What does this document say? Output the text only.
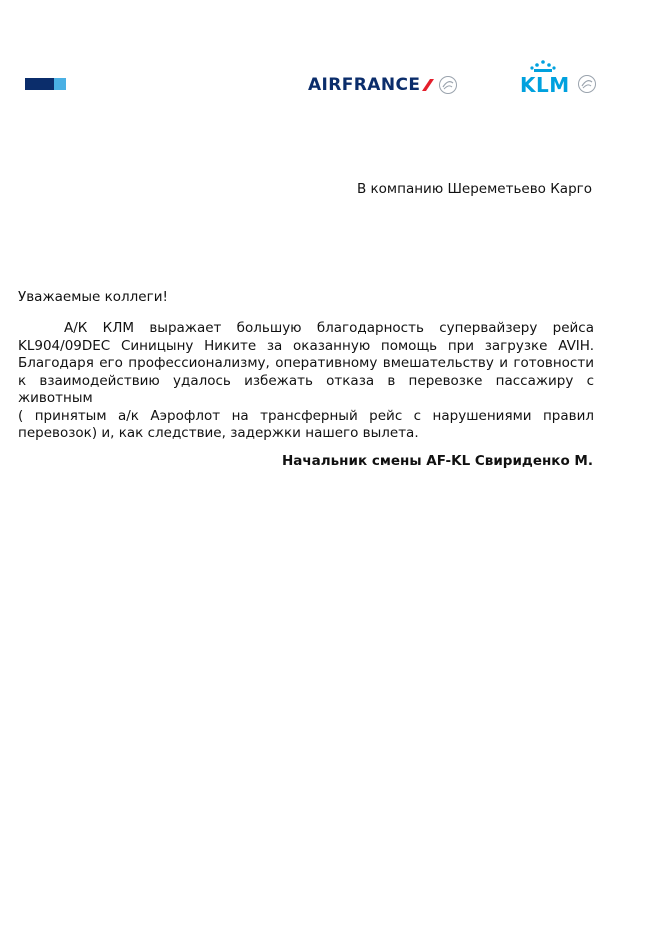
AIRFRANCE	KLM
В компанию Шереметьево Карго
Уважаемые коллеги!

А/К КЛМ выражает большую благодарность супервайзеру рейса KL904/09DEC Синицыну Никите за оказанную помощь при загрузке AVIH. Благодаря его профессионализму, оперативному вмешательству и готовности к взаимодействию удалось избежать отказа в перевозке пассажиру с животным

( принятым а/к Аэрофлот на трансферный рейс с нарушениями правил перевозок) и, как следствие, задержки нашего вылета.

Начальник смены AF-KL Свириденко М.
